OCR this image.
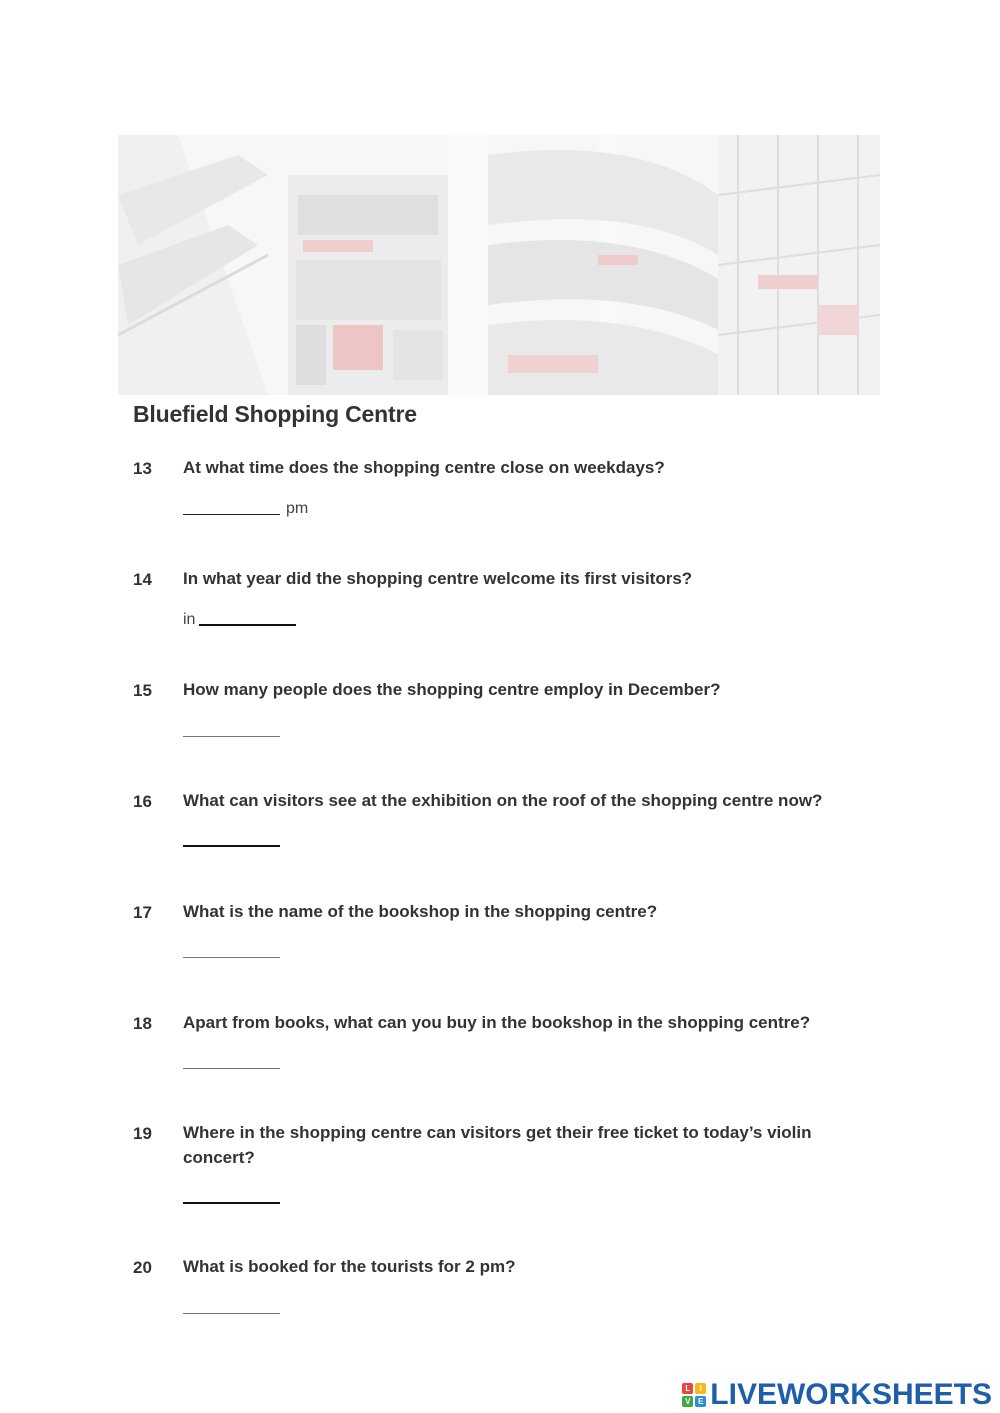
Bluefield Shopping Centre
13 At what time does the shopping centre close on weekdays?
pm
14 In what year did the shopping centre welcome its first visitors?
in
15 How many people does the shopping centre employ in December?
16 What can visitors see at the exhibition on the roof of the shopping centre now?
17 What is the name of the bookshop in the shopping centre?
18 Apart from books, what can you buy in the bookshop in the shopping centre?
19 Where in the shopping centre can visitors get their free ticket to today’s violin concert?
20 What is booked for the tourists for 2 pm?
L	I
V E LIVEWORKSHEETS
